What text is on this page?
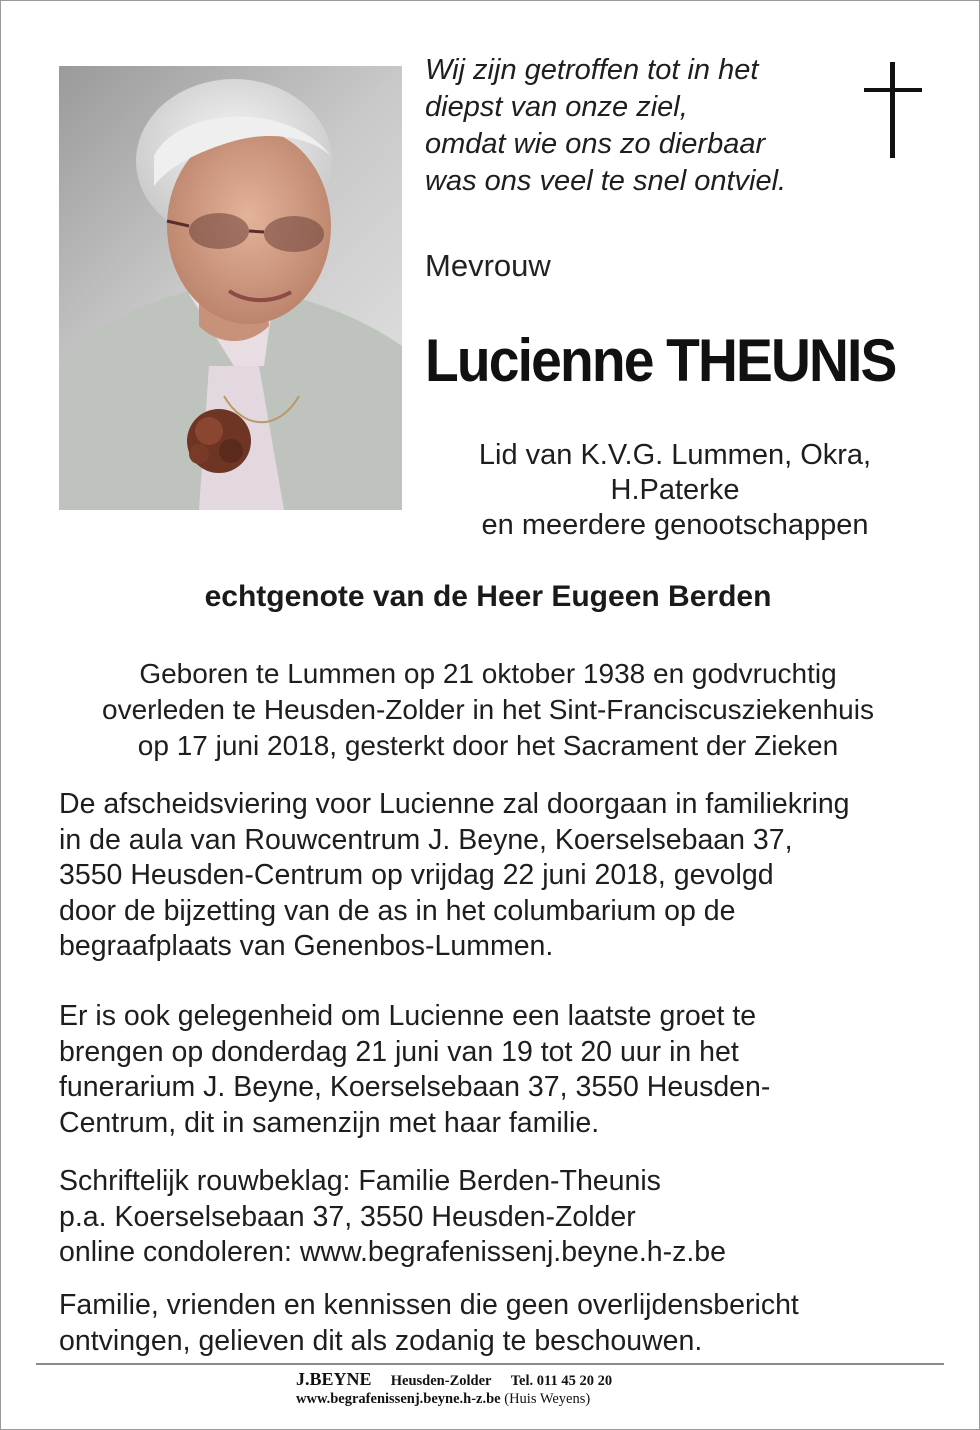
Wij zijn getroffen tot in het
diepst van onze ziel,
omdat wie ons zo dierbaar
was ons veel te snel ontviel.
Mevrouw
Lucienne THEUNIS
Lid van K.V.G. Lummen, Okra,
H.Paterke
en meerdere genootschappen
echtgenote van de Heer Eugeen Berden
Geboren te Lummen op 21 oktober 1938 en godvruchtig
overleden te Heusden-Zolder in het Sint-Franciscusziekenhuis
op 17 juni 2018, gesterkt door het Sacrament der Zieken
De afscheidsviering voor Lucienne zal doorgaan in familiekring
in de aula van Rouwcentrum J. Beyne, Koerselsebaan 37,
3550 Heusden-Centrum op vrijdag 22 juni 2018, gevolgd
door de bijzetting van de as in het columbarium op de
begraafplaats van Genenbos-Lummen.
Er is ook gelegenheid om Lucienne een laatste groet te
brengen op donderdag 21 juni van 19 tot 20 uur in het
funerarium J. Beyne, Koerselsebaan 37, 3550 Heusden-
Centrum, dit in samenzijn met haar familie.
Schriftelijk rouwbeklag: Familie Berden-Theunis
p.a. Koerselsebaan 37, 3550 Heusden-Zolder
online condoleren: www.begrafenissenj.beyne.h-z.be
Familie, vrienden en kennissen die geen overlijdensbericht
ontvingen, gelieven dit als zodanig te beschouwen.
J.BEYNE Heusden-Zolder Tel. 011 45 20 20
www.begrafenissenj.beyne.h-z.be (Huis Weyens)
